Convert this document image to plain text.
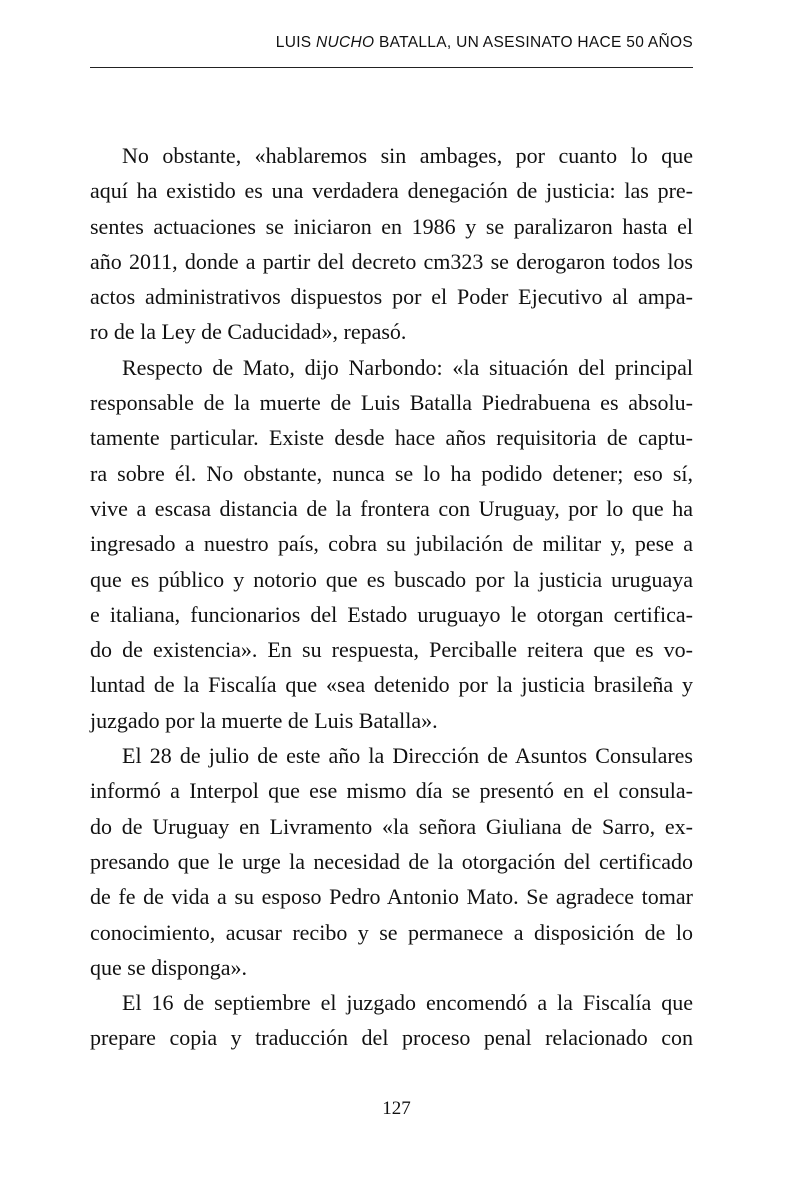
LUIS NUCHO BATALLA, UN ASESINATO HACE 50 AÑOS
No obstante, «hablaremos sin ambages, por cuanto lo que
aquí ha existido es una verdadera denegación de justicia: las pre-
sentes actuaciones se iniciaron en 1986 y se paralizaron hasta el
año 2011, donde a partir del decreto cm323 se derogaron todos los
actos administrativos dispuestos por el Poder Ejecutivo al ampa-
ro de la Ley de Caducidad», repasó.
Respecto de Mato, dijo Narbondo: «la situación del principal
responsable de la muerte de Luis Batalla Piedrabuena es absolu-
tamente particular. Existe desde hace años requisitoria de captu-
ra sobre él. No obstante, nunca se lo ha podido detener; eso sí,
vive a escasa distancia de la frontera con Uruguay, por lo que ha
ingresado a nuestro país, cobra su jubilación de militar y, pese a
que es público y notorio que es buscado por la justicia uruguaya
e italiana, funcionarios del Estado uruguayo le otorgan certifica-
do de existencia». En su respuesta, Perciballe reitera que es vo-
luntad de la Fiscalía que «sea detenido por la justicia brasileña y
juzgado por la muerte de Luis Batalla».
El 28 de julio de este año la Dirección de Asuntos Consulares
informó a Interpol que ese mismo día se presentó en el consula-
do de Uruguay en Livramento «la señora Giuliana de Sarro, ex-
presando que le urge la necesidad de la otorgación del certificado
de fe de vida a su esposo Pedro Antonio Mato. Se agradece tomar
conocimiento, acusar recibo y se permanece a disposición de lo
que se disponga».
El 16 de septiembre el juzgado encomendó a la Fiscalía que
prepare copia y traducción del proceso penal relacionado con
127
